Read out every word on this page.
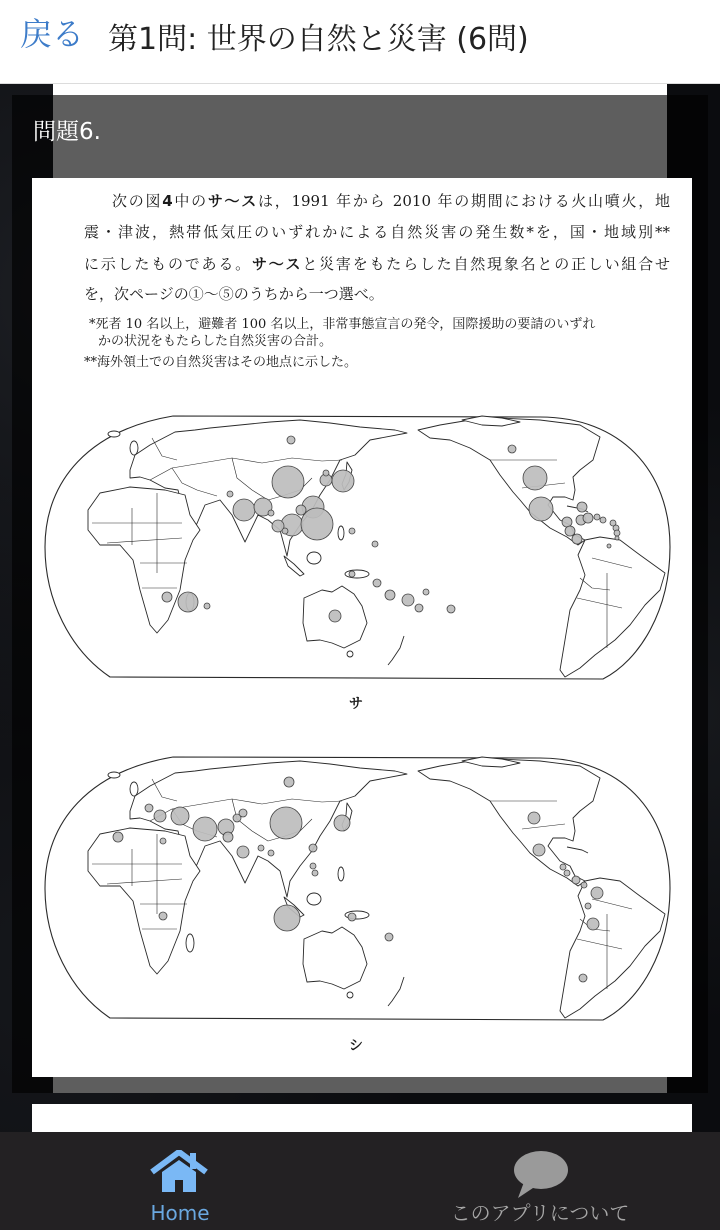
戻る 第1問: 世界の自然と災害 (6問)
問題6.
次の図4中のサ～スは，1991 年から 2010 年の期間における火山噴火，地
震・津波，熱帯低気圧のいずれかによる自然災害の発生数*を，国・地域別**
に示したものである。サ～スと災害をもたらした自然現象名との正しい組合せ
を，次ページの①～⑤のうちから一つ選べ。
*死者 10 名以上，避難者 100 名以上，非常事態宣言の発令，国際援助の要請のいずれ
かの状況をもたらした自然災害の合計。
**海外領土での自然災害はその地点に示した。
サ
シ
Home	このアプリについて
